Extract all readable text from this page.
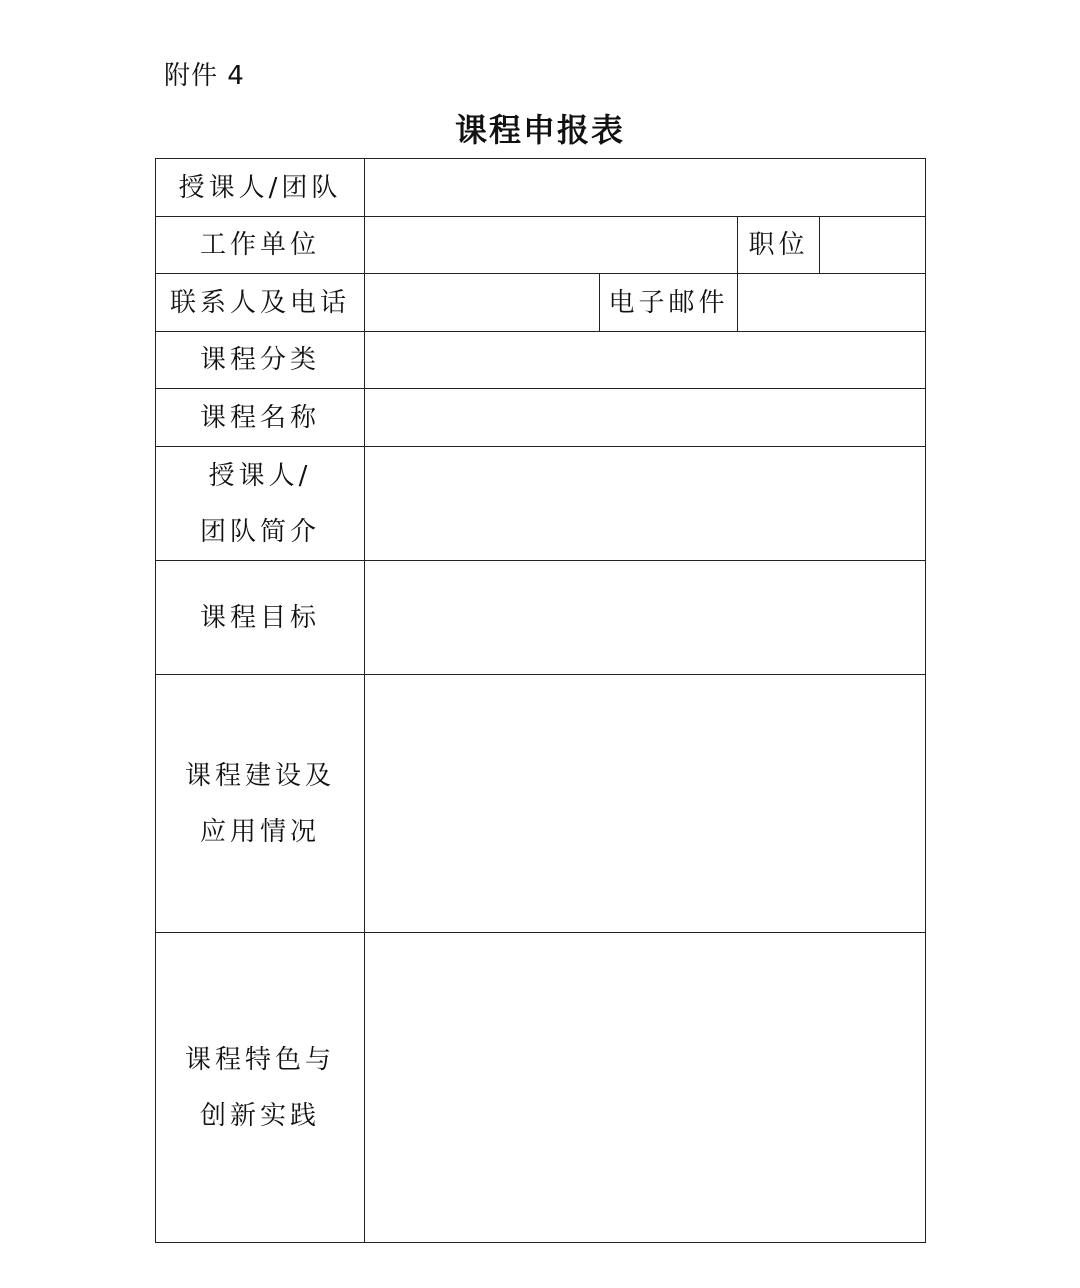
附件 4
课程申报表
授课人/团队				
工作单位			职位	
联系人及电话		电子邮件		
课程分类				
课程名称				

授课人/
团队简介				

课程目标				

课程建设及
应用情况				

课程特色与
创新实践				
